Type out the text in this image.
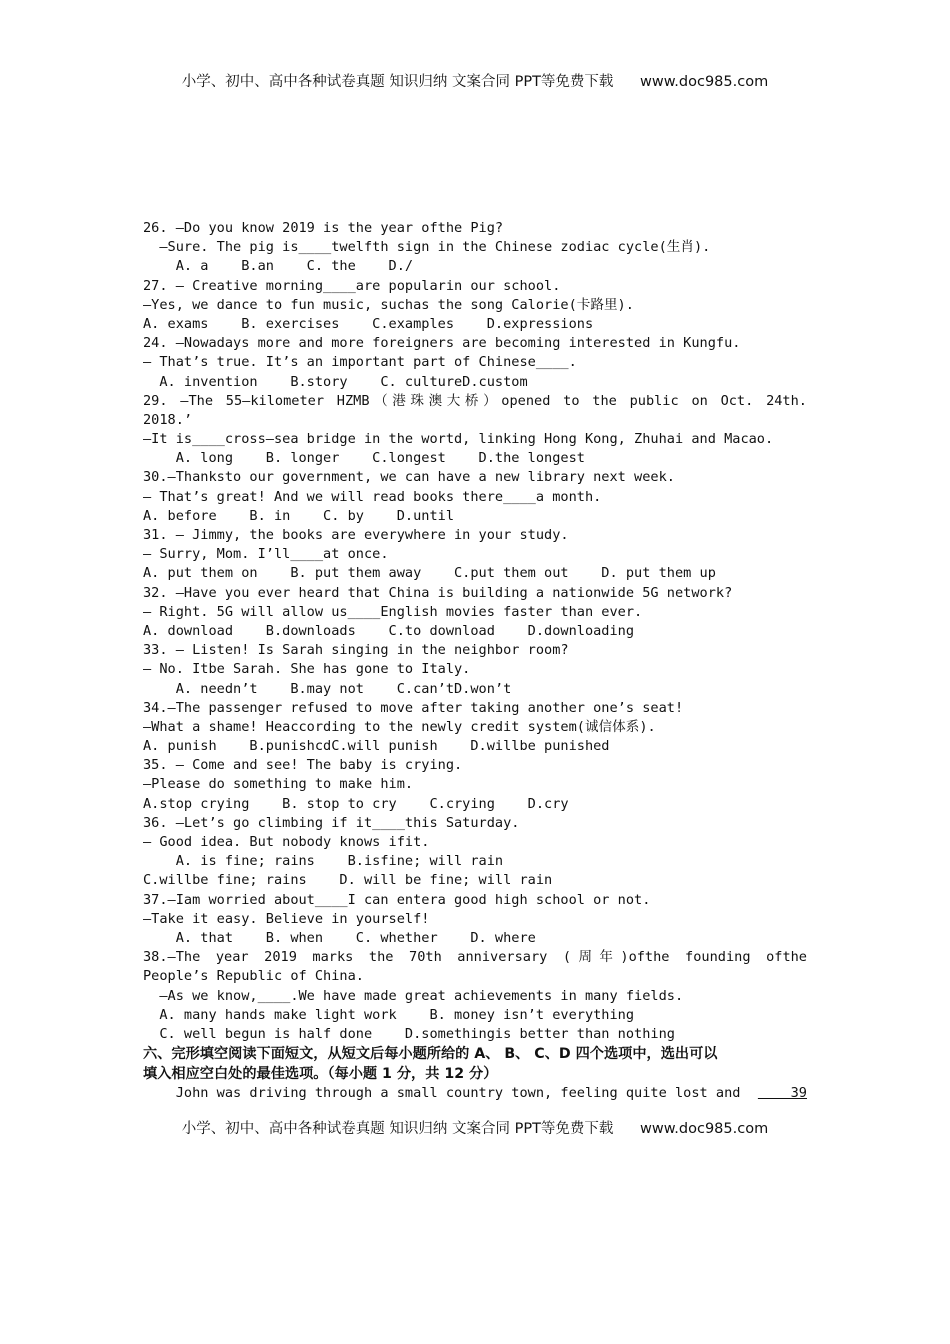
小学、初中、高中各种试卷真题 知识归纳 文案合同 PPT等免费下载 www.doc985.com
26. —Do you know 2019 is the year ofthe Pig?
—Sure. The pig is____twelfth sign in the Chinese zodiac cycle(生肖).
A. a    B.an    C. the    D./
27. — Creative morning____are popularin our school.
—Yes, we dance to fun music, suchas the song Calorie(卡路里).
A. exams    B. exercises    C.examples    D.expressions
24. —Nowadays more and more foreigners are becoming interested in Kungfu.
— That’s true. It’s an important part of Chinese____.
A. invention    B.story    C. cultureD.custom
29. —The 55—kilometer HZMB（港珠澳大桥）opened to the public on Oct. 24th.
2018.’
—It is____cross—sea bridge in the wortd, linking Hong Kong, Zhuhai and Macao.
A. long    B. longer    C.longest    D.the longest
30.—Thanksto our government, we can have a new library next week.
— That’s great! And we will read books there____a month.
A. before    B. in    C. by    D.until
31. — Jimmy, the books are everywhere in your study.
— Surry, Mom. I’ll____at once.
A. put them on    B. put them away    C.put them out    D. put them up
32. —Have you ever heard that China is building a nationwide 5G network?
— Right. 5G will allow us____English movies faster than ever.
A. download    B.downloads    C.to download    D.downloading
33. — Listen! Is Sarah singing in the neighbor room?
— No. Itbe Sarah. She has gone to Italy.
A. needn’t    B.may not    C.can’tD.won’t
34.—The passenger refused to move after taking another one’s seat!
—What a shame! Heaccording to the newly credit system(诚信体系).
A. punish    B.punishcdC.will punish    D.willbe punished
35. — Come and see! The baby is crying.
—Please do something to make him.
A.stop crying    B. stop to cry    C.crying    D.cry
36. —Let’s go climbing if it____this Saturday.
— Good idea. But nobody knows ifit.
A. is fine; rains    B.isfine; will rain
C.willbe fine; rains    D. will be fine; will rain
37.—Iam worried about____I can entera good high school or not.
—Take it easy. Believe in yourself!
A. that    B. when    C. whether    D. where
38.—The year 2019 marks the 70th anniversary (周年)ofthe founding ofthe
People’s Republic of China.
—As we know,____.We have made great achievements in many fields.
A. many hands make light work    B. money isn’t everything
C. well begun is half done    D.somethingis better than nothing
六、完形填空阅读下面短文，从短文后每小题所给的 A、 B、 C、D 四个选项中，选出可以
填入相应空白处的最佳选项。（每小题 1 分，共 12 分）
John was driving through a small country town, feeling quite lost and 39
小学、初中、高中各种试卷真题 知识归纳 文案合同 PPT等免费下载 www.doc985.com
